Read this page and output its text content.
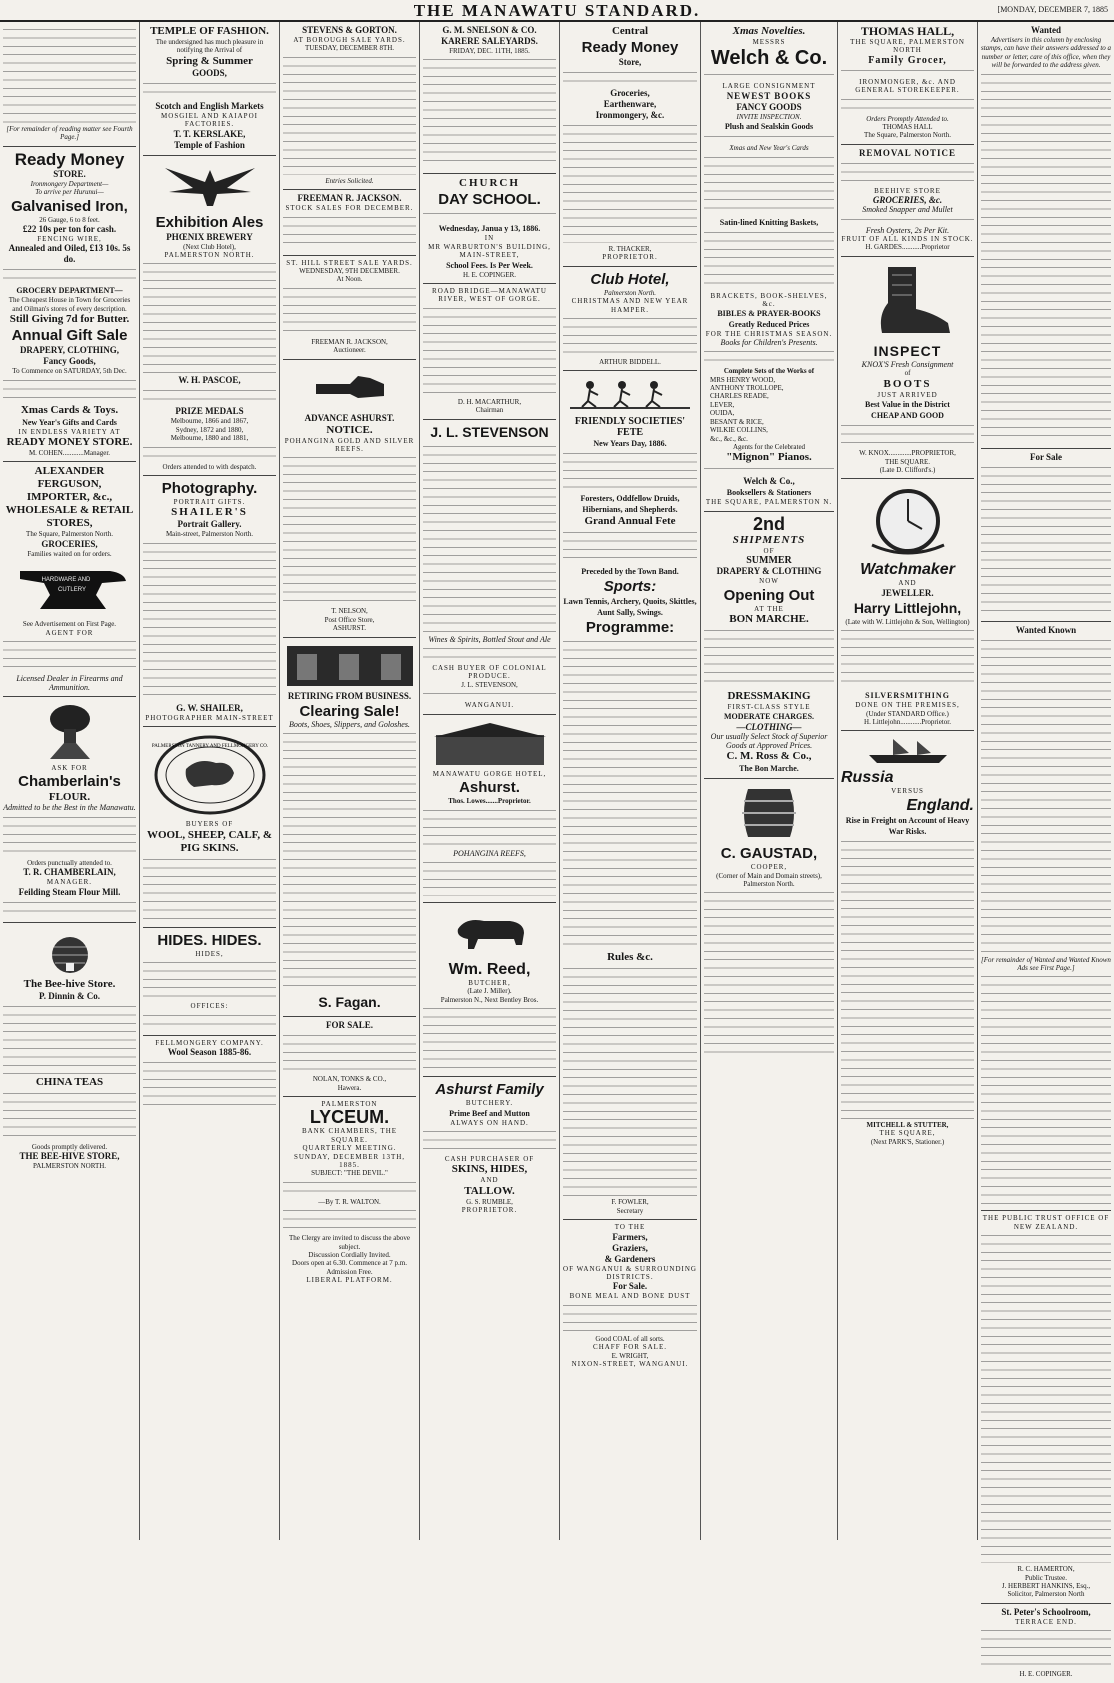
THE MANAWATU STANDARD.	[MONDAY, DECEMBER 7, 1885
[For remainder of reading matter see Fourth Page.]
Ready Money
STORE.
Ironmongery Department—
To arrive per Hurunui—
Galvanised Iron,
26 Gauge, 6 to 8 feet.
£22 10s per ton for cash.
FENCING WIRE,
Annealed and Oiled, £13 10s. 5s do.
GROCERY DEPARTMENT—
The Cheapest House in Town for Groceries and Oilman's stores of every description.
Still Giving 7d for Butter.
Annual Gift Sale
DRAPERY, CLOTHING,
Fancy Goods,
To Commence on SATURDAY, 5th Dec.
Xmas Cards & Toys.
New Year's Gifts and Cards
IN ENDLESS VARIETY AT
READY MONEY STORE.
M. COHEN............Manager.
ALEXANDER FERGUSON,
IMPORTER, &c.,
WHOLESALE & RETAIL
STORES,
The Square, Palmerston North.
GROCERIES,
Families waited on for orders.
HARDWARE AND
CUTLERY
See Advertisement on First Page.
AGENT FOR
Licensed Dealer in Firearms and Ammunition.
ASK FOR
Chamberlain's
FLOUR.
Admitted to be the Best in the Manawatu.
Orders punctually attended to.
T. R. CHAMBERLAIN,
MANAGER.
Feilding Steam Flour Mill.
The Bee-hive Store.
P. Dinnin & Co.
CHINA TEAS
Goods promptly delivered.
THE BEE-HIVE STORE,
PALMERSTON NORTH.
TEMPLE OF FASHION.
The undersigned has much pleasure in notifying the Arrival of
Spring & Summer
GOODS,
Scotch and English Markets
MOSGIEL AND KAIAPOI
FACTORIES.
T. T. KERSLAKE,
Temple of Fashion
Exhibition Ales
PHŒNIX BREWERY
(Next Club Hotel),
PALMERSTON NORTH.
W. H. PASCOE,
PRIZE MEDALS
Melbourne, 1866 and 1867,
Sydney, 1872 and 1880,
Melbourne, 1880 and 1881,
Orders attended to with despatch.
Photography.
PORTRAIT GIFTS.
SHAILER'S
Portrait Gallery.
Main-street, Palmerston North.
G. W. SHAILER,
PHOTOGRAPHER MAIN-STREET
PALMERSTON TANNERY AND FELLMONGERY CO.
BUYERS OF
WOOL, SHEEP, CALF, &
PIG SKINS.
HIDES. HIDES.
HIDES,
OFFICES:
FELLMONGERY COMPANY.
Wool Season 1885-86.
STEVENS & GORTON.
AT BOROUGH SALE YARDS.
TUESDAY, DECEMBER 8TH.
Entries Solicited.
FREEMAN R. JACKSON.
STOCK SALES FOR DECEMBER.
ST. HILL STREET SALE YARDS.
WEDNESDAY, 9TH DECEMBER.
At Noon.
FREEMAN R. JACKSON,
Auctioneer.
ADVANCE ASHURST.
NOTICE.
POHANGINA GOLD AND SILVER REEFS.
T. NELSON,
Post Office Store,
ASHURST.
RETIRING FROM BUSINESS.
Clearing Sale!
Boots, Shoes, Slippers, and Goloshes.
S. Fagan.
FOR SALE.
NOLAN, TONKS & CO.,
Hawera.
PALMERSTON
LYCEUM.
BANK CHAMBERS, THE SQUARE.
QUARTERLY MEETING.
SUNDAY, DECEMBER 13TH, 1885.
SUBJECT: "THE DEVIL."
—By T. R. WALTON.
The Clergy are invited to discuss the above subject.
Discussion Cordially Invited.
Doors open at 6.30. Commence at 7 p.m.
Admission Free.
LIBERAL PLATFORM.
G. M. SNELSON & CO.
KARERE SALEYARDS.
FRIDAY, DEC. 11TH, 1885.
CHURCH
DAY SCHOOL.
Wednesday, Janua y 13, 1886.
IN
MR WARBURTON'S BUILDING,
MAIN-STREET,
School Fees. Is Per Week.
H. E. COPINGER.
ROAD BRIDGE—MANAWATU RIVER, WEST OF GORGE.
D. H. MACARTHUR,
Chairman
J. L. STEVENSON
Wines & Spirits, Bottled Stout and Ale
CASH BUYER OF COLONIAL PRODUCE.
J. L. STEVENSON,
WANGANUI.
MANAWATU GORGE HOTEL,
Ashurst.
Thos. Lowes.......Proprietor.
POHANGINA REEFS,
Wm. Reed,
BUTCHER,
(Late J. Miller).
Palmerston N., Next Bentley Bros.
Ashurst Family
BUTCHERY.
Prime Beef and Mutton
ALWAYS ON HAND.
CASH PURCHASER OF
SKINS, HIDES,
AND
TALLOW.
G. S. RUMBLE,
PROPRIETOR.
Central
Ready Money
Store,
Groceries,
Earthenware,
Ironmongery, &c.
R. THACKER,
PROPRIETOR.
Club Hotel,
Palmerston North.
CHRISTMAS AND NEW YEAR HAMPER.
ARTHUR BIDDELL.
FRIENDLY SOCIETIES' FETE
New Years Day, 1886.
Foresters, Oddfellow Druids, Hibernians, and Shepherds.
Grand Annual Fete
Preceded by the Town Band.
Sports:
Lawn Tennis, Archery, Quoits, Skittles, Aunt Sally, Swings.
Programme:
Rules &c.
F. FOWLER,
Secretary
TO THE
Farmers,
Graziers,
& Gardeners
OF WANGANUI & SURROUNDING DISTRICTS.
For Sale.
BONE MEAL AND BONE DUST
Good COAL of all sorts.
CHAFF FOR SALE.
E. WRIGHT,
NIXON-STREET, WANGANUI.
Xmas Novelties.
MESSRS
Welch & Co.
LARGE CONSIGNMENT
NEWEST BOOKS
FANCY GOODS
INVITE INSPECTION.
Plush and Sealskin Goods
Xmas and New Year's Cards
Satin-lined Knitting Baskets,
BRACKETS, BOOK-SHELVES, &c.
BIBLES & PRAYER-BOOKS
Greatly Reduced Prices
FOR THE CHRISTMAS SEASON.
Books for Children's Presents.
Complete Sets of the Works of
MRS HENRY WOOD,
ANTHONY TROLLOPE,
CHARLES READE,
LEVER,
OUIDA,
BESANT & RICE,
WILKIE COLLINS,
&c., &c., &c.
Agents for the Celebrated
"Mignon" Pianos.
Welch & Co.,
Booksellers & Stationers
THE SQUARE, PALMERSTON N.
2nd
SHIPMENTS
OF
SUMMER
DRAPERY & CLOTHING
NOW
Opening Out
AT THE
BON MARCHE.
DRESSMAKING
FIRST-CLASS STYLE
MODERATE CHARGES.
—CLOTHING—
Our usually Select Stock of Superior Goods at Approved Prices.
C. M. Ross & Co.,
The Bon Marche.
C. GAUSTAD,
COOPER,
(Corner of Main and Domain streets), Palmerston North.
THOMAS HALL,
THE SQUARE, PALMERSTON NORTH
Family Grocer,
IRONMONGER, &c. AND GENERAL STOREKEEPER.
Orders Promptly Attended to.
THOMAS HALL
The Square, Palmerston North.
REMOVAL NOTICE
BEEHIVE STORE
GROCERIES, &c.
Smoked Snapper and Mullet
Fresh Oysters, 2s Per Kit.
FRUIT OF ALL KINDS IN STOCK.
H. GARDES...........Proprietor
INSPECT
KNOX'S Fresh Consignment
of
BOOTS
JUST ARRIVED
Best Value in the District
CHEAP AND GOOD
W. KNOX.............PROPRIETOR,
THE SQUARE.
(Late D. Clifford's.)
Watchmaker
AND
JEWELLER.
Harry Littlejohn,
(Late with W. Littlejohn & Son, Wellington)
SILVERSMITHING
DONE ON THE PREMISES,
(Under STANDARD Office.)
H. Littlejohn............Proprietor.
Russia
VERSUS
England.
Rise in Freight on Account of Heavy War Risks.
MITCHELL & STUTTER,
THE SQUARE,
(Next PARK'S, Stationer.)
Wanted
Advertisers in this column by enclosing stamps, can have their answers addressed to a number or letter, care of this office, when they will be forwarded to the address given.
For Sale
Wanted Known
[For remainder of Wanted and Wanted Known Ads see First Page.]
THE PUBLIC TRUST OFFICE OF NEW ZEALAND.
R. C. HAMERTON,
Public Trustee.
J. HERBERT HANKINS, Esq.,
Solicitor, Palmerston North
St. Peter's Schoolroom,
TERRACE END.
H. E. COPINGER.
